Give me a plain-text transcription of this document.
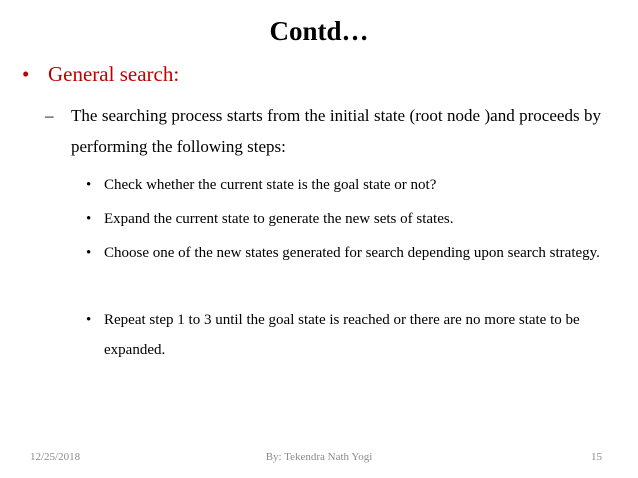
Contd…
• General search:
–	The searching process starts from the initial state (root node )and proceeds by performing the following steps:
• Check whether the current state is the goal state or not?
• Expand the current state to generate the new sets of states.
• Choose one of the new states generated for search depending upon search strategy.
• Repeat step 1 to 3 until the goal state is reached or there are no more state to be expanded.
12/25/2018	By: Tekendra Nath Yogi	15
